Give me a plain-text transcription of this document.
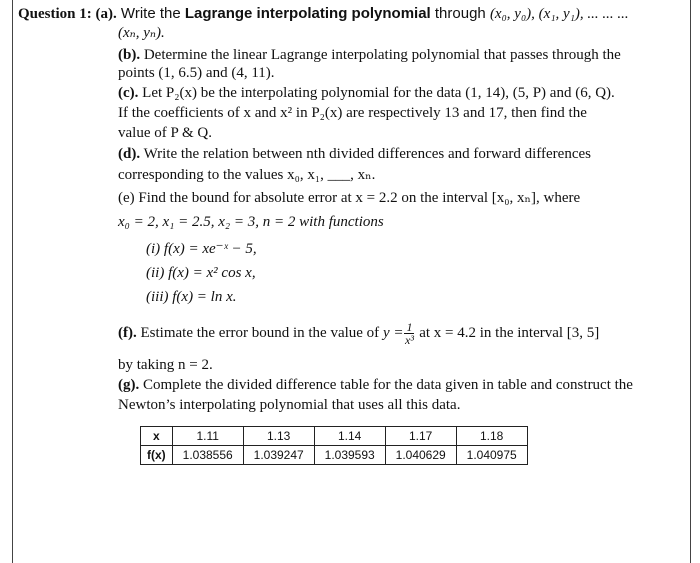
Question 1: (a). Write the Lagrange interpolating polynomial through (x₀, y₀), (x₁, y₁), ... ... ...
(xₙ, yₙ).
(b). Determine the linear Lagrange interpolating polynomial that passes through the
points (1, 6.5) and (4, 11).
(c). Let P₂(x) be the interpolating polynomial for the data (1, 14), (5, P) and (6, Q).
If the coefficients of x and x² in P₂(x) are respectively 13 and 17, then find the
value of P & Q.
(d). Write the relation between nth divided differences and forward differences
corresponding to the values x₀, x₁, ___, xₙ.
(e) Find the bound for absolute error at x = 2.2 on the interval [x₀, xₙ], where
x₀ = 2, x₁ = 2.5, x₂ = 3, n = 2 with functions
(i) f(x) = xe⁻ˣ − 5,
(ii) f(x) = x² cos x,
(iii) f(x) = ln x.
(f). Estimate the error bound in the value of $y = \frac{1}{\text{x³}}$ at x = 4.2 in the interval [3, 5]
by taking n = 2.
(g). Complete the divided difference table for the data given in table and construct the
Newton’s interpolating polynomial that uses all this data.
x	1.11	1.13	1.14	1.17	1.18
f(x)	1.038556	1.039247	1.039593	1.040629	1.040975
